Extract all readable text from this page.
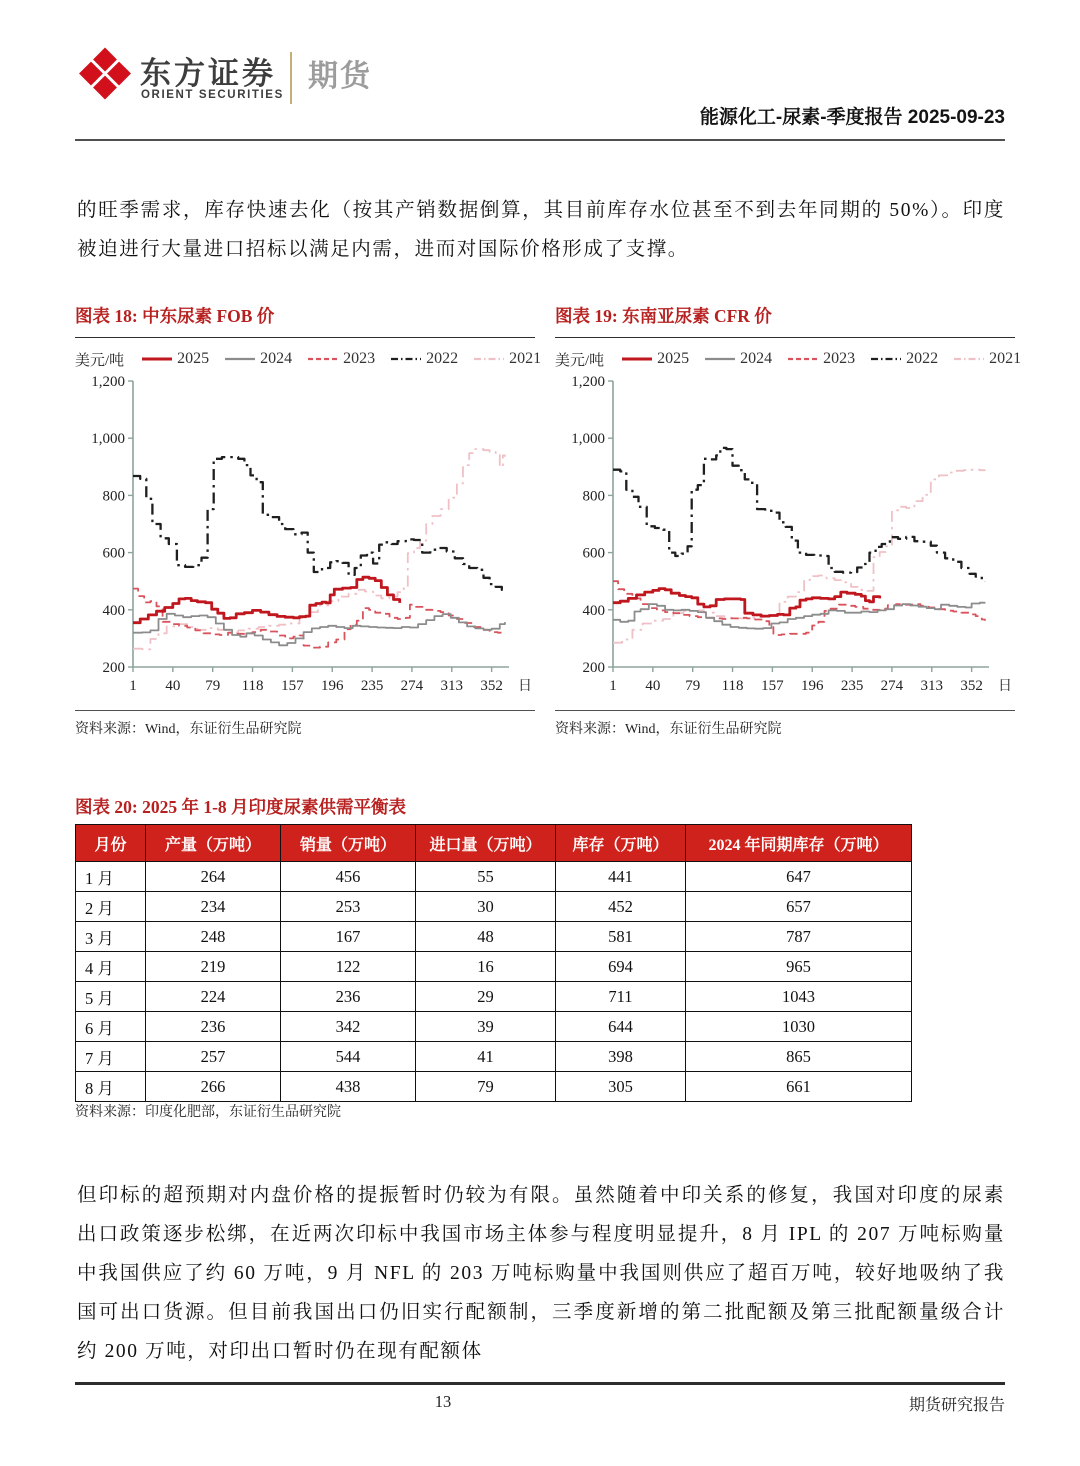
东方证券
ORIENT SECURITIES
期货
能源化工-尿素-季度报告 2025-09-23
的旺季需求，库存快速去化（按其产销数据倒算，其目前库存水位甚至不到去年同期的 50%）。印度被迫进行大量进口招标以满足内需，进而对国际价格形成了支撑。
但印标的超预期对内盘价格的提振暂时仍较为有限。虽然随着中印关系的修复，我国对印度的尿素出口政策逐步松绑，在近两次印标中我国市场主体参与程度明显提升，8 月 IPL 的 207 万吨标购量中我国供应了约 60 万吨，9 月 NFL 的 203 万吨标购量中我国则供应了超百万吨，较好地吸纳了我国可出口货源。但目前我国出口仍旧实行配额制，三季度新增的第二批配额及第三批配额量级合计约 200 万吨，对印出口暂时仍在现有配额体
图表 18: 中东尿素 FOB 价
美元/吨	2025	2024	2023	2022	2021
200
400
600
800
1,000
1,200
1 40 79 118 157 196 235 274 313 352 日
资料来源：Wind，东证衍生品研究院
图表 19: 东南亚尿素 CFR 价
美元/吨	2025	2024	2023	2022	2021
200
400
600
800
1,000
1,200
1 40 79 118 157 196 235 274 313 352 日
资料来源：Wind，东证衍生品研究院
图表 20: 2025 年 1-8 月印度尿素供需平衡表
月份	产量（万吨）	销量（万吨）	进口量（万吨）	库存（万吨）	2024 年同期库存（万吨）
1 月	264	456	55	441	647
2 月	234	253	30	452	657
3 月	248	167	48	581	787
4 月	219	122	16	694	965
5 月	224	236	29	711	1043
6 月	236	342	39	644	1030
7 月	257	544	41	398	865
8 月	266	438	79	305	661
资料来源：印度化肥部，东证衍生品研究院
13	期货研究报告
